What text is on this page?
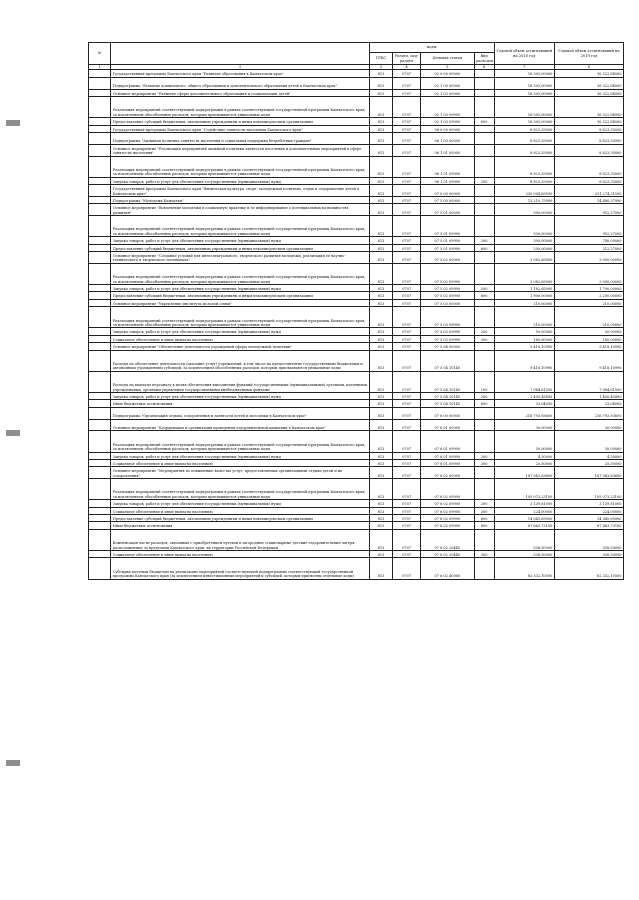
№		коды				Годовой объем ассигнований на 2018 год	Годовой объем ассигнований на 2019 год
		ГРБС	Раздел, под-раздел	Целевая статья	Вид расходов		
1	2	3	4	5	6	7	8
	Государственная программа Камчатского края "Развитие образования в Камчатском крае"	813	0707	02 0 00 00000		16 505,00000	16 522,84000
	Подпрограмма "Развитие дошкольного, общего образования и дополнительного образования детей в Камчатском крае"	813	0707	02 1 00 00000		16 505,00000	16 522,84000
	Основное мероприятие "Развитие сферы дополнительного образования и социализации детей"	813	0707	02 1 03 00000		16 505,00000	16 522,84000
	Реализация мероприятий соответствующей подпрограммы в рамках соответствующей государственной программы Камчатского края, за исключением обособленных расходов, которым присваиваются уникальные коды	813	0707	02 1 03 09990		16 505,00000	16 522,84000
	Предоставление субсидий бюджетным, автономным учреждениям и иным некоммерческим организациям	813	0707	02 1 03 09990	600	16 505,00000	16 522,84000
	Государственная программа Камчатского края "Содействие занятости населения Камчатского края"	813	0707	06 0 00 00000		8 823,35000	8 823,35000
	Подпрограмма "Активная политика занятости населения и социальная поддержка безработных граждан"	813	0707	06 1 00 00000		8 823,35000	8 823,35000
	Основное мероприятие "Реализация мероприятий активной политики занятости населения и дополнительных мероприятий в сфере занятости населения"	813	0707	06 1 01 00000		8 823,35000	8 823,35000
	Реализация мероприятий соответствующей подпрограммы в рамках соответствующей государственной программы Камчатского края, за исключением обособленных расходов, которым присваиваются уникальные коды	813	0707	06 1 01 09990		8 823,35000	8 823,35000
	Закупка товаров, работ и услуг для обеспечения государственных (муниципальных) нужд	813	0707	06 1 01 09990	200	8 823,35000	8 823,35000
	Государственная программа Камчатского края "Физическая культура, спорт, молодежная политика, отдых и оздоровление детей в Камчатском крае"	813	0707	07 0 00 00000		230 004,69590	231 274,31590
	Подпрограмма "Молодежь Камчатки"	813	0707	07 5 00 00000		13 210,75990	14 480,37990
	Основное мероприятие "Вовлечение молодежи в социальную практику и ее информирование о потенциальных возможностях развития"	813	0707	07 5 01 00000		500,00000	952,27000
	Реализация мероприятий соответствующей подпрограммы в рамках соответствующей государственной программы Камчатского края, за исключением обособленных расходов, которым присваиваются уникальные коды	813	0707	07 5 01 09990		500,00000	952,27000
	Закупка товаров, работ и услуг для обеспечения государственных (муниципальных) нужд	813	0707	07 5 01 09990	200	300,00000	740,00000
	Предоставление субсидий бюджетным, автономным учреждениям и иным некоммерческим организациям	813	0707	07 5 01 09990	600	200,00000	212,27000
	Основное мероприятие "Создание условий для интеллектуального, творческого развития молодежи, реализация ее научно-технического и творческого потенциала"	813	0707	07 5 02 00000		3 082,65000	3 900,00000
	Реализация мероприятий соответствующей подпрограммы в рамках соответствующей государственной программы Камчатского края, за исключением обособленных расходов, которым присваиваются уникальные коды	813	0707	07 5 02 09990		3 082,65000	3 900,00000
	Закупка товаров, работ и услуг для обеспечения государственных (муниципальных) нужд	813	0707	07 5 02 09990	200	1 182,65000	1 700,00000
	Предоставление субсидий бюджетным, автономным учреждениям и иным некоммерческим организациям	813	0707	07 5 02 09990	600	1 900,00000	2 200,00000
	Основное мероприятие "Укрепление института молодой семьи"	813	0707	07 5 03 00000		210,00000	210,00000
	Реализация мероприятий соответствующей подпрограммы в рамках соответствующей государственной программы Камчатского края, за исключением обособленных расходов, которым присваиваются уникальные коды	813	0707	07 5 03 09990		210,00000	210,00000
	Закупка товаров, работ и услуг для обеспечения государственных (муниципальных) нужд	813	0707	07 5 03 09990	200	50,00000	50,00000
	Социальное обеспечение и иные выплаты населению	813	0707	07 5 03 09990	300	160,00000	160,00000
	Основное мероприятие "Обеспечение деятельности учреждений сферы молодежной политики"	813	0707	07 5 04 00000		9 418,10990	9 418,10990
	Расходы на обеспечение деятельности (оказание услуг) учреждений, в том числе на предоставление государственным бюджетным и автономным учреждениям субсидий, за исключением обособленных расходов, которым присваиваются уникальные коды	813	0707	07 5 04 10140		9 418,10990	9 418,10990
	Расходы на выплаты персоналу в целях обеспечения выполнения функций государственными (муниципальными) органами, казенными учреждениями, органами управления государственными внебюджетными фондами	813	0707	07 5 04 10140	100	7 984,61500	7 984,61500
	Закупка товаров, работ и услуг для обеспечения государственных (муниципальных) нужд	813	0707	07 5 04 10140	200	1 400,45490	1 400,45490
	Иные бюджетные ассигнования	813	0707	07 5 04 10140	800	33,04000	33,04000
	Подпрограмма "Организация отдыха, оздоровления и занятости детей и молодежи в Камчатском крае"	813	0707	07 6 00 00000		216 793,93600	216 793,93600
	Основное мероприятие "Координация и организация проведения оздоровительной кампании в Камчатском крае"	813	0707	07 6 01 00000		30,00000	30,00000
	Реализация мероприятий соответствующей подпрограммы в рамках соответствующей государственной программы Камчатского края, за исключением обособленных расходов, которым присваиваются уникальные коды	813	0707	07 6 01 09990		30,00000	30,00000
	Закупка товаров, работ и услуг для обеспечения государственных (муниципальных) нужд	813	0707	07 6 01 09990	200	4,50000	4,50000
	Социальное обеспечение и иные выплаты населению	813	0707	07 6 01 09990	300	25,50000	25,50000
	Основное мероприятие "Мероприятия по повышению качества услуг, предоставляемых организациями отдыха детей и их оздоровления"	813	0707	07 6 02 00000		187 943,83600	187 943,83600
	Реализация мероприятий соответствующей подпрограммы в рамках соответствующей государственной программы Камчатского края, за исключением обособленных расходов, которым присваиваются уникальные коды	813	0707	07 6 02 09990		105 073,23100	105 073,23100
	Закупка товаров, работ и услуг для обеспечения государственных (муниципальных) нужд	813	0707	07 6 02 09990	200	3 139,81000	3 139,81000
	Социальное обеспечение и иные выплаты населению	813	0707	07 6 02 09990	300	224,00000	224,00000
	Предоставление субсидий бюджетным, автономным учреждениям и иным некоммерческим организациям	813	0707	07 6 02 09990	600	14 045,69000	14 045,69000
	Иные бюджетные ассигнования	813	0707	07 6 02 09990	800	87 663,73100	87 663,73100
	Компенсация части расходов, связанных с приобретением путевок в загородные стационарные детские оздоровительные лагеря, расположенные за пределами Камчатского края, на территории Российской Федерации	813	0707	07 6 02 20440		538,50000	538,50000
	Социальное обеспечение и иные выплаты населению	813	0707	07 6 02 20440	300	538,50000	538,50000
	Субсидии местным бюджетам на реализацию мероприятий соответствующей подпрограммы соответствующей государственной программы Камчатского края (за исключением инвестиционных мероприятий и субсидий, которым присвоены отдельные коды)	813	0707	07 6 02 40060		82 332,10500	82 332,10500
